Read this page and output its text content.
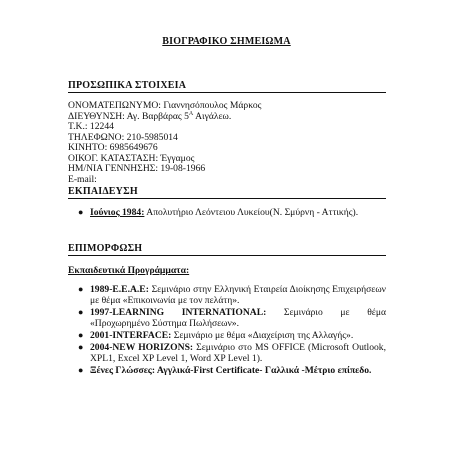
ΒΙΟΓΡΑΦΙΚΟ ΣΗΜΕΙΩΜΑ
ΠΡΟΣΩΠΙΚΑ ΣΤΟΙΧΕΙΑ
ΟΝΟΜΑΤΕΠΩΝΥΜΟ: Γιαννησόπουλος Μάρκος
ΔΙΕΥΘΥΝΣΗ: Αγ. Βαρβάρας $5^A$ Αιγάλεω.
Τ.Κ.: 12244
ΤΗΛΕΦΩΝΟ: 210-5985014
ΚΙΝΗΤΟ: 6985649676
ΟΙΚΟΓ. ΚΑΤΑΣΤΑΣΗ: Έγγαμος
ΗΜ/ΝΙΑ ΓΕΝΝΗΣΗΣ: 19-08-1966
E-mail:
ΕΚΠΑΙΔΕΥΣΗ
● Ιούνιος 1984: Απολυτήριο Λεόντειου Λυκείου(Ν. Σμύρνη - Αττικής).
ΕΠΙΜΟΡΦΩΣΗ
Εκπαιδευτικά Προγράμματα:
● 1989-Ε.Ε.Α.Ε: Σεμινάριο στην Ελληνική Εταιρεία Διοίκησης Επιχειρήσεων με θέμα «Επικοινωνία με τον πελάτη».
● 1997-LEARNING INTERNATIONAL: Σεμινάριο με θέμα «Προχωρημένο Σύστημα Πωλήσεων».
● 2001-INTERFACE: Σεμινάριο με θέμα «Διαχείριση της Αλλαγής».
● 2004-NEW HORIZONS: Σεμινάριο στο MS OFFICE (Microsoft Outlook, XPL1, Excel XP Level 1, Word XP Level 1).
● Ξένες Γλώσσες: Αγγλικά-First Certificate- Γαλλικά -Μέτριο επίπεδο.
